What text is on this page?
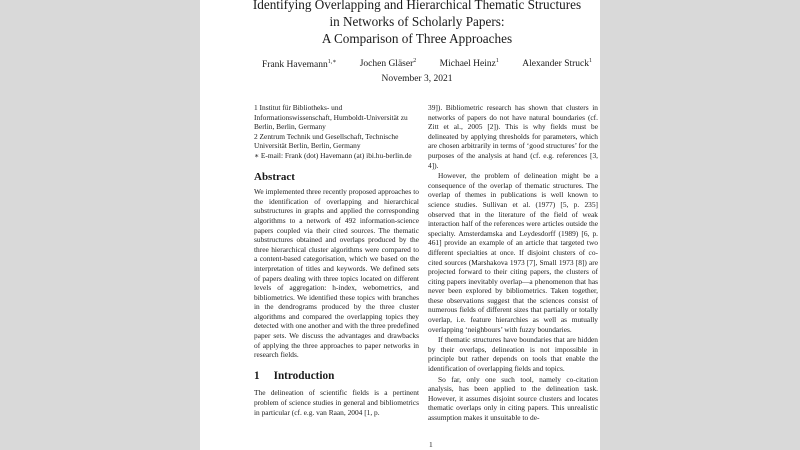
Identifying Overlapping and Hierarchical Thematic Structures
in Networks of Scholarly Papers:
A Comparison of Three Approaches
Frank Havemann$^{1,∗}$ Jochen Gläser$^2$ Michael Heinz$^1$ Alexander Struck$^1$
November 3, 2021

1 Institut für Bibliotheks- und Informationswissenschaft, Humboldt-Universität zu Berlin, Berlin, Germany

2 Zentrum Technik und Gesellschaft, Technische Universität Berlin, Berlin, Germany

∗ E-mail: Frank (dot) Havemann (at) ibi.hu-berlin.de

Abstract

We implemented three recently proposed approaches to the identification of overlapping and hierarchical substructures in graphs and applied the corresponding algorithms to a network of 492 information-science papers coupled via their cited sources. The thematic substructures obtained and overlaps produced by the three hierarchical cluster algorithms were compared to a content-based categorisation, which we based on the interpretation of titles and keywords. We defined sets of papers dealing with three topics located on different levels of aggregation: h-index, webometrics, and bibliometrics. We identified these topics with branches in the dendrograms produced by the three cluster algorithms and compared the overlapping topics they detected with one another and with the three predefined paper sets. We discuss the advantages and drawbacks of applying the three approaches to paper networks in research fields.

1 Introduction

The delineation of scientific fields is a pertinent problem of science studies in general and bibliometrics in particular (cf. e.g. van Raan, 2004 [1, p.

39]). Bibliometric research has shown that clusters in networks of papers do not have natural boundaries (cf. Zitt et al., 2005 [2]). This is why fields must be delineated by applying thresholds for parameters, which are chosen arbitrarily in terms of ‘good structures’ for the purposes of the analysis at hand (cf. e.g. references [3, 4]).

However, the problem of delineation might be a consequence of the overlap of thematic structures. The overlap of themes in publications is well known to science studies. Sullivan et al. (1977) [5, p. 235] observed that in the literature of the field of weak interaction half of the references were articles outside the specialty. Amsterdamska and Leydesdorff (1989) [6, p. 461] provide an example of an article that targeted two different specialties at once. If disjoint clusters of co-cited sources (Marshakova 1973 [7], Small 1973 [8]) are projected forward to their citing papers, the clusters of citing papers inevitably overlap—a phenomenon that has never been explored by bibliometrics. Taken together, these observations suggest that the sciences consist of numerous fields of different sizes that partially or totally overlap, i.e. feature hierarchies as well as mutually overlapping ‘neighbours’ with fuzzy boundaries.

If thematic structures have boundaries that are hidden by their overlaps, delineation is not impossible in principle but rather depends on tools that enable the identification of overlapping fields and topics.

So far, only one such tool, namely co-citation analysis, has been applied to the delineation task. However, it assumes disjoint source clusters and locates thematic overlaps only in citing papers. This unrealistic assumption makes it unsuitable to de-

1
